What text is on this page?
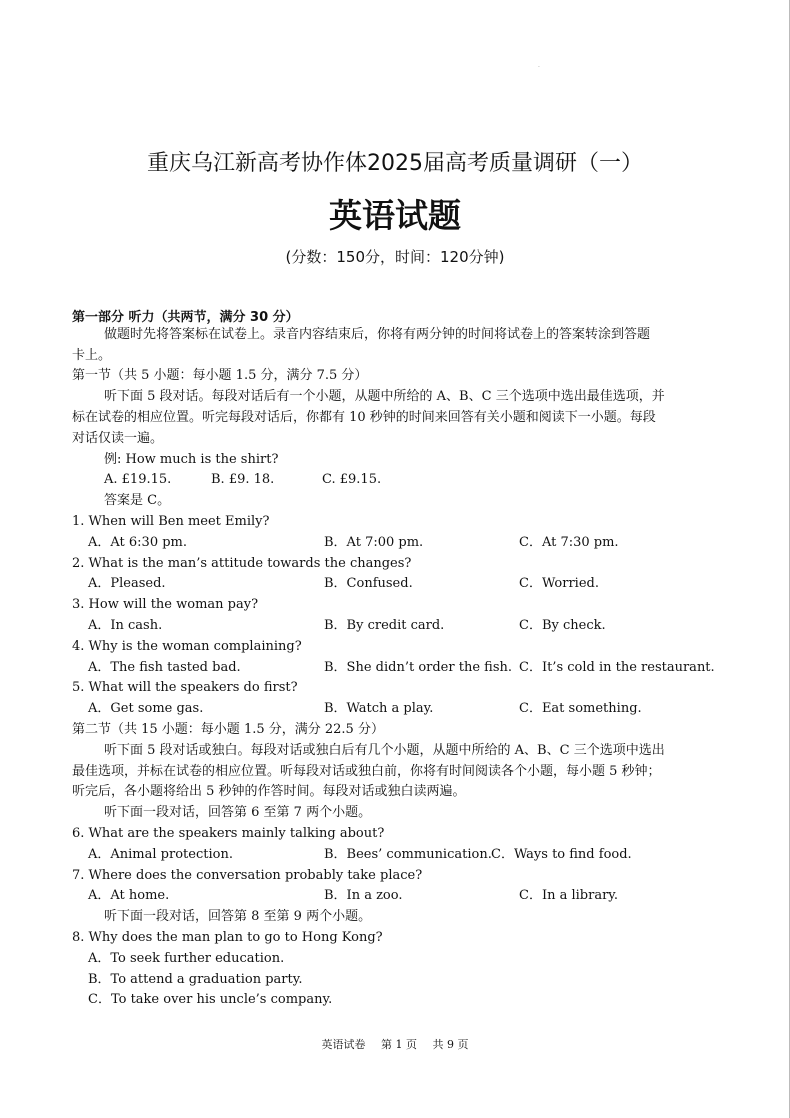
·
重庆乌江新高考协作体2025届高考质量调研（一）
英语试题
(分数：150分，时间：120分钟)
第一部分 听力（共两节，满分 30 分）
做题时先将答案标在试卷上。录音内容结束后，你将有两分钟的时间将试卷上的答案转涂到答题
卡上。
第一节（共 5 小题：每小题 1.5 分，满分 7.5 分）
听下面 5 段对话。每段对话后有一个小题，从题中所给的 A、B、C 三个选项中选出最佳选项，并
标在试卷的相应位置。听完每段对话后，你都有 10 秒钟的时间来回答有关小题和阅读下一小题。每段
对话仅读一遍。
例: How much is the shirt?
A. £19.15.	B. £9. 18.	C. £9.15.
答案是 C。
1. When will Ben meet Emily?
A．At 6:30 pm.	B．At 7:00 pm.	C．At 7:30 pm.
2. What is the man’s attitude towards the changes?
A．Pleased.	B．Confused.	C．Worried.
3. How will the woman pay?
A．In cash.	B．By credit card.	C．By check.
4. Why is the woman complaining?
A．The fish tasted bad.	B．She didn’t order the fish. C．It’s cold in the restaurant.
5. What will the speakers do first?
A．Get some gas.	B．Watch a play.	C．Eat something.
第二节（共 15 小题：每小题 1.5 分，满分 22.5 分）
听下面 5 段对话或独白。每段对话或独白后有几个小题，从题中所给的 A、B、C 三个选项中选出
最佳选项，并标在试卷的相应位置。听每段对话或独白前，你将有时间阅读各个小题，每小题 5 秒钟；
听完后，各小题将给出 5 秒钟的作答时间。每段对话或独白读两遍。
听下面一段对话，回答第 6 至第 7 两个小题。
6. What are the speakers mainly talking about?
A．Animal protection.	B．Bees’ communication. C．Ways to find food.
7. Where does the conversation probably take place?
A．At home.	B．In a zoo.	C．In a library.
听下面一段对话，回答第 8 至第 9 两个小题。
8. Why does the man plan to go to Hong Kong?
A．To seek further education.
B．To attend a graduation party.
C．To take over his uncle’s company.
英语试卷 第 1 页 共 9 页
